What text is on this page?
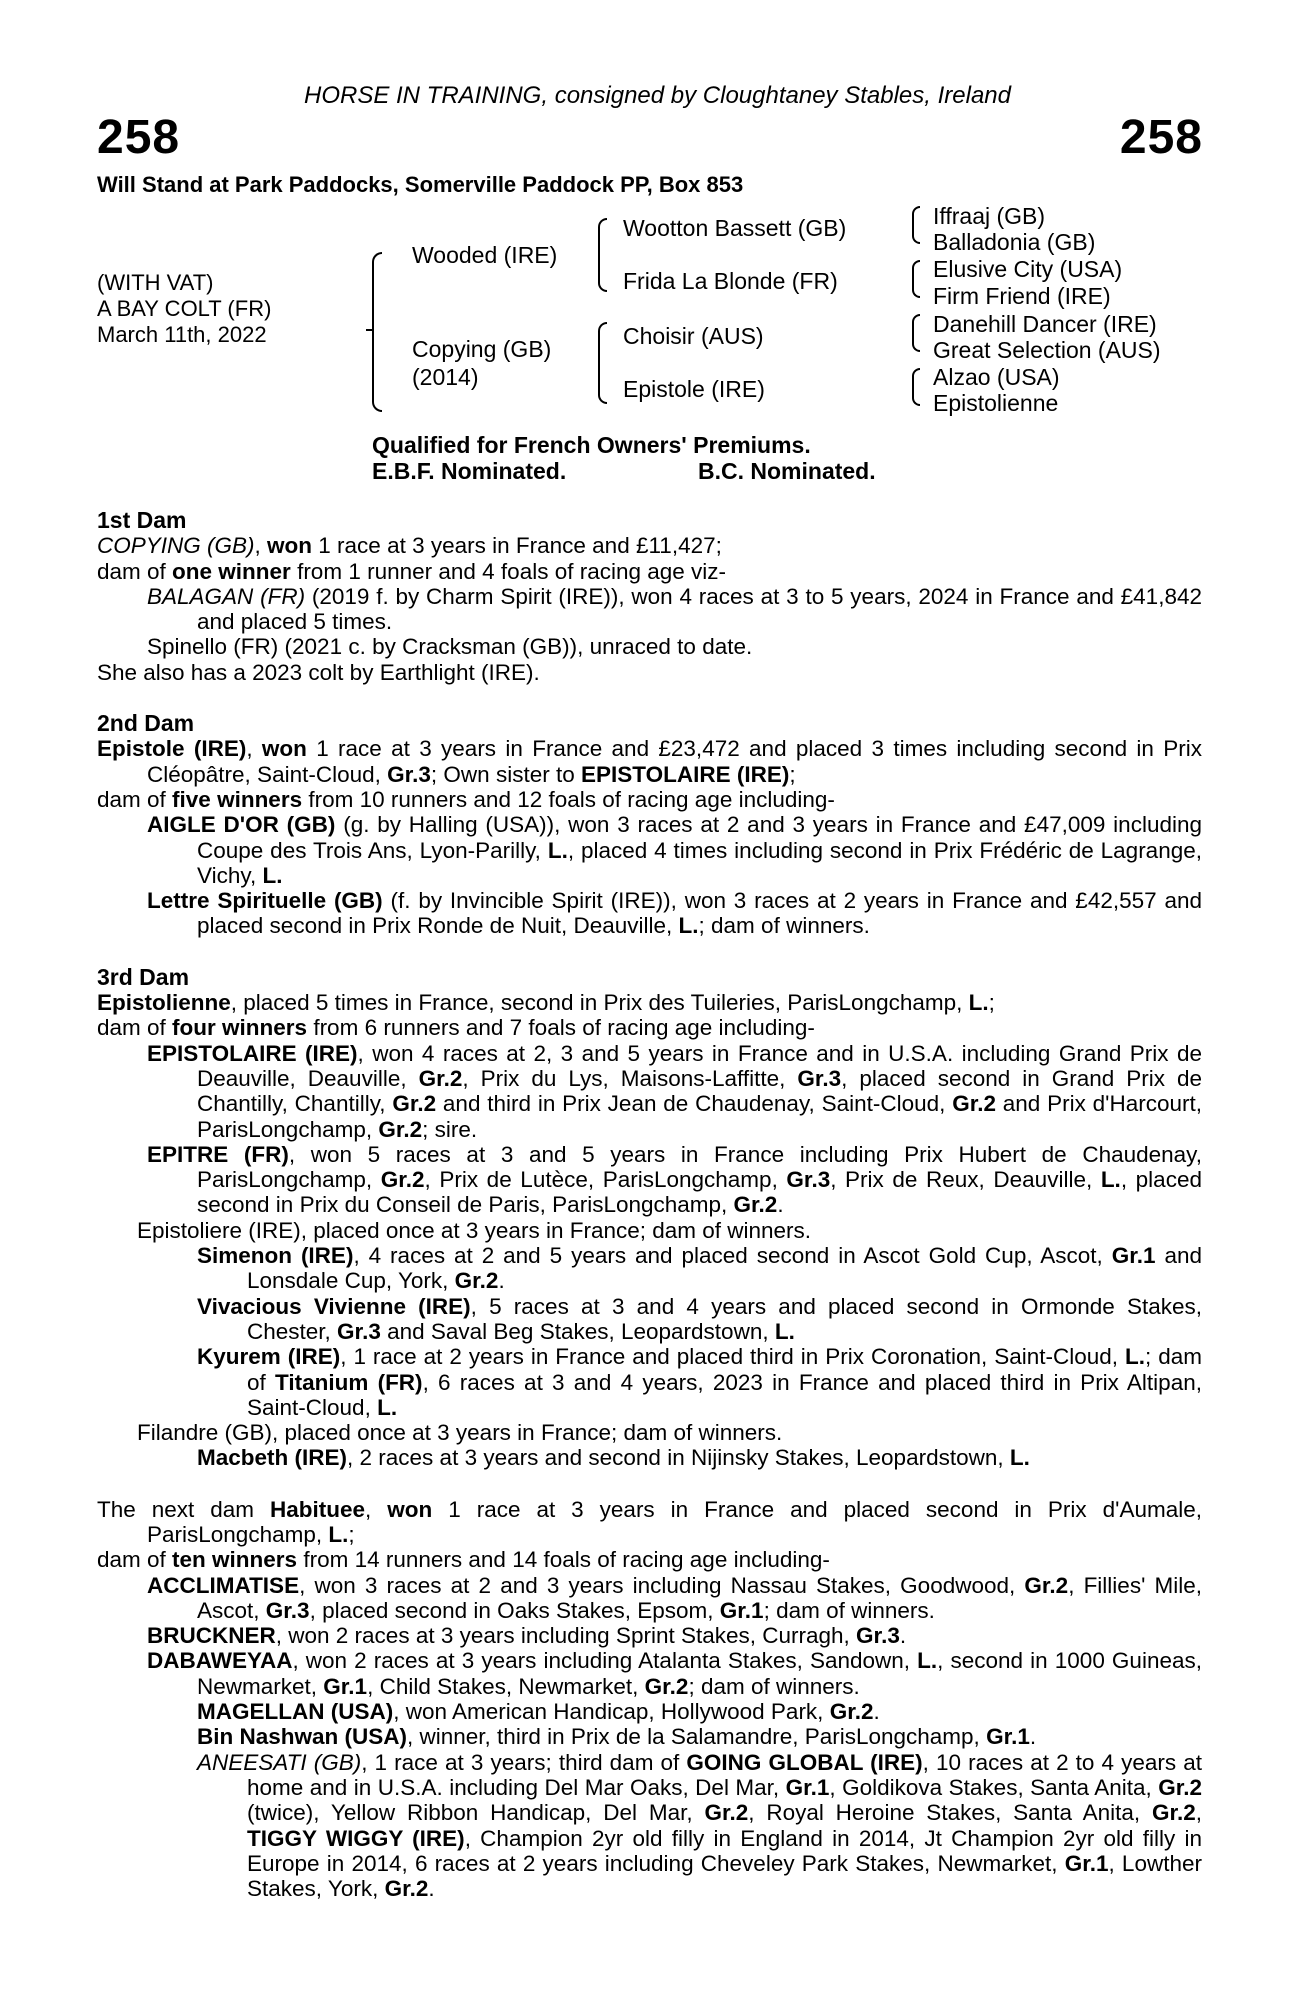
HORSE IN TRAINING, consigned by Cloughtaney Stables, Ireland
258	258
Will Stand at Park Paddocks, Somerville Paddock PP, Box 853
(WITH VAT)
A BAY COLT (FR)
March 11th, 2022
Wooded (IRE)
Copying (GB)
(2014)
Wootton Bassett (GB)
Frida La Blonde (FR)
Choisir (AUS)
Epistole (IRE)
Iffraaj (GB)
Balladonia (GB)
Elusive City (USA)
Firm Friend (IRE)
Danehill Dancer (IRE)
Great Selection (AUS)
Alzao (USA)
Epistolienne
Qualified for French Owners' Premiums.
E.B.F. Nominated.	B.C. Nominated.

1st Dam

COPYING (GB), won 1 race at 3 years in France and £11,427;

dam of one winner from 1 runner and 4 foals of racing age viz-

BALAGAN (FR) (2019 f. by Charm Spirit (IRE)), won 4 races at 3 to 5 years, 2024 in France and £41,842 and placed 5 times.

Spinello (FR) (2021 c. by Cracksman (GB)), unraced to date.

She also has a 2023 colt by Earthlight (IRE).

2nd Dam

Epistole (IRE), won 1 race at 3 years in France and £23,472 and placed 3 times including second in Prix Cléopâtre, Saint-Cloud, Gr.3; Own sister to EPISTOLAIRE (IRE);

dam of five winners from 10 runners and 12 foals of racing age including-

AIGLE D'OR (GB) (g. by Halling (USA)), won 3 races at 2 and 3 years in France and £47,009 including Coupe des Trois Ans, Lyon-Parilly, L., placed 4 times including second in Prix Frédéric de Lagrange, Vichy, L.

Lettre Spirituelle (GB) (f. by Invincible Spirit (IRE)), won 3 races at 2 years in France and £42,557 and placed second in Prix Ronde de Nuit, Deauville, L.; dam of winners.

3rd Dam

Epistolienne, placed 5 times in France, second in Prix des Tuileries, ParisLongchamp, L.;

dam of four winners from 6 runners and 7 foals of racing age including-

EPISTOLAIRE (IRE), won 4 races at 2, 3 and 5 years in France and in U.S.A. including Grand Prix de Deauville, Deauville, Gr.2, Prix du Lys, Maisons-Laffitte, Gr.3, placed second in Grand Prix de Chantilly, Chantilly, Gr.2 and third in Prix Jean de Chaudenay, Saint-Cloud, Gr.2 and Prix d'Harcourt, ParisLongchamp, Gr.2; sire.

EPITRE (FR), won 5 races at 3 and 5 years in France including Prix Hubert de Chaudenay, ParisLongchamp, Gr.2, Prix de Lutèce, ParisLongchamp, Gr.3, Prix de Reux, Deauville, L., placed second in Prix du Conseil de Paris, ParisLongchamp, Gr.2.

Epistoliere (IRE), placed once at 3 years in France; dam of winners.

Simenon (IRE), 4 races at 2 and 5 years and placed second in Ascot Gold Cup, Ascot, Gr.1 and Lonsdale Cup, York, Gr.2.

Vivacious Vivienne (IRE), 5 races at 3 and 4 years and placed second in Ormonde Stakes, Chester, Gr.3 and Saval Beg Stakes, Leopardstown, L.

Kyurem (IRE), 1 race at 2 years in France and placed third in Prix Coronation, Saint-Cloud, L.; dam of Titanium (FR), 6 races at 3 and 4 years, 2023 in France and placed third in Prix Altipan, Saint-Cloud, L.

Filandre (GB), placed once at 3 years in France; dam of winners.

Macbeth (IRE), 2 races at 3 years and second in Nijinsky Stakes, Leopardstown, L.

The next dam Habituee, won 1 race at 3 years in France and placed second in Prix d'Aumale, ParisLongchamp, L.;

dam of ten winners from 14 runners and 14 foals of racing age including-

ACCLIMATISE, won 3 races at 2 and 3 years including Nassau Stakes, Goodwood, Gr.2, Fillies' Mile, Ascot, Gr.3, placed second in Oaks Stakes, Epsom, Gr.1; dam of winners.

BRUCKNER, won 2 races at 3 years including Sprint Stakes, Curragh, Gr.3.

DABAWEYAA, won 2 races at 3 years including Atalanta Stakes, Sandown, L., second in 1000 Guineas, Newmarket, Gr.1, Child Stakes, Newmarket, Gr.2; dam of winners.

MAGELLAN (USA), won American Handicap, Hollywood Park, Gr.2.

Bin Nashwan (USA), winner, third in Prix de la Salamandre, ParisLongchamp, Gr.1.

ANEESATI (GB), 1 race at 3 years; third dam of GOING GLOBAL (IRE), 10 races at 2 to 4 years at home and in U.S.A. including Del Mar Oaks, Del Mar, Gr.1, Goldikova Stakes, Santa Anita, Gr.2 (twice), Yellow Ribbon Handicap, Del Mar, Gr.2, Royal Heroine Stakes, Santa Anita, Gr.2, TIGGY WIGGY (IRE), Champion 2yr old filly in England in 2014, Jt Champion 2yr old filly in Europe in 2014, 6 races at 2 years including Cheveley Park Stakes, Newmarket, Gr.1, Lowther Stakes, York, Gr.2.
